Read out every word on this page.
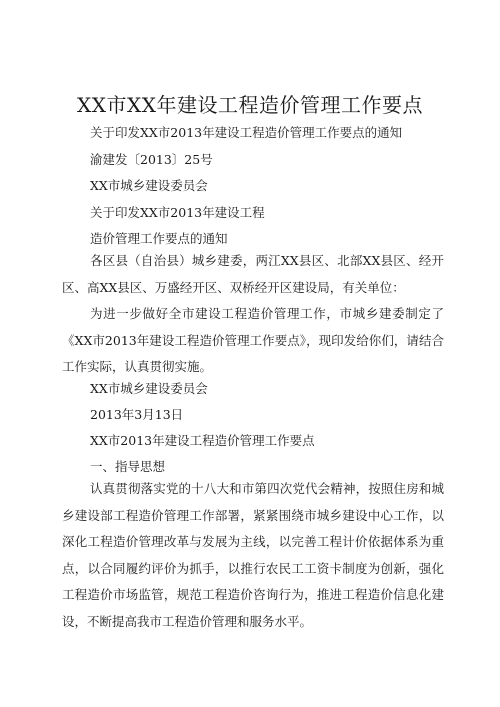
XX市XX年建设工程造价管理工作要点

关于印发XX市2013年建设工程造价管理工作要点的通知

渝建发〔2013〕25号

XX市城乡建设委员会

关于印发XX市2013年建设工程

造价管理工作要点的通知

各区县（自治县）城乡建委，两江XX县区、北部XX县区、经开区、高XX县区、万盛经开区、双桥经开区建设局，有关单位：

为进一步做好全市建设工程造价管理工作，市城乡建委制定了《XX市2013年建设工程造价管理工作要点》，现印发给你们，请结合工作实际，认真贯彻实施。

XX市城乡建设委员会

2013年3月13日

XX市2013年建设工程造价管理工作要点

一、指导思想

认真贯彻落实党的十八大和市第四次党代会精神，按照住房和城乡建设部工程造价管理工作部署，紧紧围绕市城乡建设中心工作，以深化工程造价管理改革与发展为主线，以完善工程计价依据体系为重点，以合同履约评价为抓手，以推行农民工工资卡制度为创新，强化工程造价市场监管，规范工程造价咨询行为，推进工程造价信息化建设，不断提高我市工程造价管理和服务水平。
